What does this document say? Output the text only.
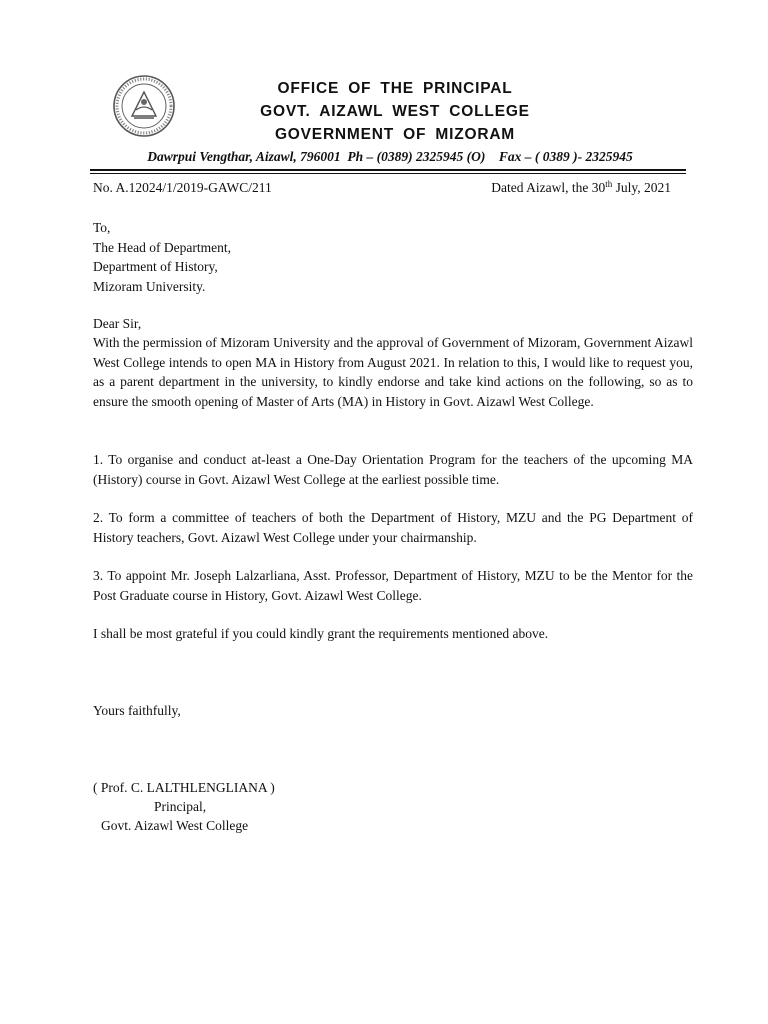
OFFICE OF THE PRINCIPAL
GOVT. AIZAWL WEST COLLEGE
GOVERNMENT OF MIZORAM
Dawrpui Vengthar, Aizawl, 796001  Ph – (0389) 2325945 (O)    Fax – ( 0389 )- 2325945
No. A.12024/1/2019-GAWC/211	Dated Aizawl, the 30th July, 2021
To,
The Head of Department,
Department of History,
Mizoram University.
Dear Sir,
With the permission of Mizoram University and the approval of Government of Mizoram, Government Aizawl West College intends to open MA in History from August 2021. In relation to this, I would like to request you, as a parent department in the university, to kindly endorse and take kind actions on the following, so as to ensure the smooth opening of Master of Arts (MA) in History in Govt. Aizawl West College.
1. To organise and conduct at-least a One-Day Orientation Program for the teachers of the upcoming MA (History) course in Govt. Aizawl West College at the earliest possible time.
2. To form a committee of teachers of both the Department of History, MZU and the PG Department of History teachers, Govt. Aizawl West College under your chairmanship.
3. To appoint Mr. Joseph Lalzarliana, Asst. Professor, Department of History, MZU to be the Mentor for the Post Graduate course in History, Govt. Aizawl West College.
I shall be most grateful if you could kindly grant the requirements mentioned above.
Yours faithfully,
( Prof. C. LALTHLENGLIANA )
Principal,
Govt. Aizawl West College
